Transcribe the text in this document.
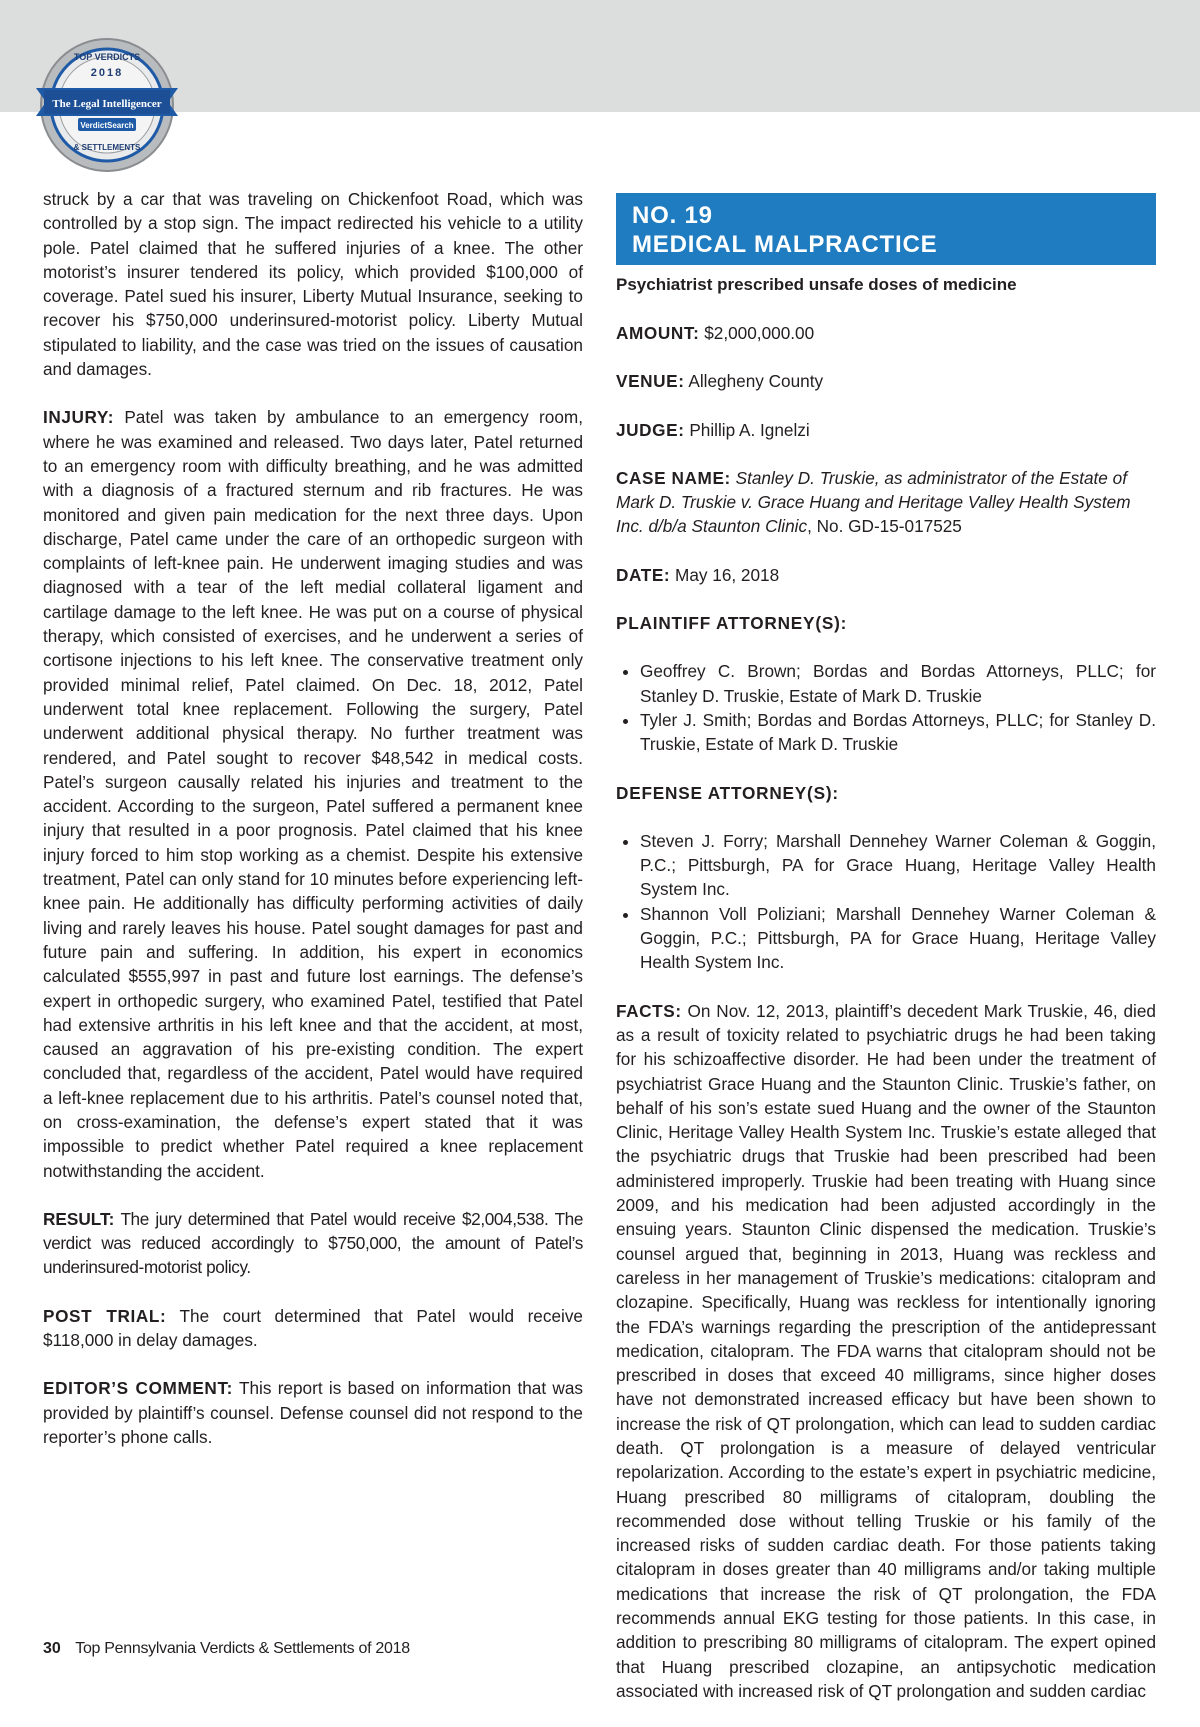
TOP VERDICTS
2018
The Legal Intelligencer
VerdictSearch
& SETTLEMENTS

struck by a car that was traveling on Chickenfoot Road, which was controlled by a stop sign. The impact redirected his vehicle to a utility pole. Patel claimed that he suffered injuries of a knee. The other motorist’s insurer tendered its policy, which provided $100,000 of coverage. Patel sued his insurer, Liberty Mutual Insurance, seeking to recover his $750,000 underinsured-motorist policy. Liberty Mutual stipulated to liability, and the case was tried on the issues of causation and damages.

INJURY: Patel was taken by ambulance to an emergency room, where he was examined and released. Two days later, Patel returned to an emergency room with difficulty breathing, and he was admitted with a diagnosis of a fractured sternum and rib fractures. He was monitored and given pain medication for the next three days. Upon discharge, Patel came under the care of an orthopedic surgeon with complaints of left-knee pain. He underwent imaging studies and was diagnosed with a tear of the left medial collateral ligament and cartilage damage to the left knee. He was put on a course of physical therapy, which consisted of exercises, and he underwent a series of cortisone injections to his left knee. The conservative treatment only provided minimal relief, Patel claimed. On Dec. 18, 2012, Patel underwent total knee replacement. Following the surgery, Patel underwent additional physical therapy. No further treatment was rendered, and Patel sought to recover $48,542 in medical costs. Patel’s surgeon causally related his injuries and treatment to the accident. According to the surgeon, Patel suffered a permanent knee injury that resulted in a poor prognosis. Patel claimed that his knee injury forced to him stop working as a chemist. Despite his extensive treatment, Patel can only stand for 10 minutes before experiencing left-knee pain. He additionally has difficulty performing activities of daily living and rarely leaves his house. Patel sought damages for past and future pain and suffering. In addition, his expert in economics calculated $555,997 in past and future lost earnings. The defense’s expert in orthopedic surgery, who examined Patel, testified that Patel had extensive arthritis in his left knee and that the accident, at most, caused an aggravation of his pre-existing condition. The expert concluded that, regardless of the accident, Patel would have required a left-knee replacement due to his arthritis. Patel’s counsel noted that, on cross-examination, the defense’s expert stated that it was impossible to predict whether Patel required a knee replacement notwithstanding the accident.

RESULT: The jury determined that Patel would receive $2,004,538. The verdict was reduced accordingly to $750,000, the amount of Patel’s underinsured-motorist policy.

POST TRIAL: The court determined that Patel would receive $118,000 in delay damages.

EDITOR’S COMMENT: This report is based on information that was provided by plaintiff’s counsel. Defense counsel did not respond to the reporter’s phone calls.

NO. 19
MEDICAL MALPRACTICE

Psychiatrist prescribed unsafe doses of medicine

AMOUNT: $2,000,000.00

VENUE: Allegheny County

JUDGE: Phillip A. Ignelzi

CASE NAME: Stanley D. Truskie, as administrator of the Estate of Mark D. Truskie v. Grace Huang and Heritage Valley Health System Inc. d/b/a Staunton Clinic, No. GD-15-017525

DATE: May 16, 2018

PLAINTIFF ATTORNEY(S):

• Geoffrey C. Brown; Bordas and Bordas Attorneys, PLLC; for Stanley D. Truskie, Estate of Mark D. Truskie
• Tyler J. Smith; Bordas and Bordas Attorneys, PLLC; for Stanley D. Truskie, Estate of Mark D. Truskie

DEFENSE ATTORNEY(S):

• Steven J. Forry; Marshall Dennehey Warner Coleman & Goggin, P.C.; Pittsburgh, PA for Grace Huang, Heritage Valley Health System Inc.
• Shannon Voll Poliziani; Marshall Dennehey Warner Coleman & Goggin, P.C.; Pittsburgh, PA for Grace Huang, Heritage Valley Health System Inc.

FACTS: On Nov. 12, 2013, plaintiff’s decedent Mark Truskie, 46, died as a result of toxicity related to psychiatric drugs he had been taking for his schizoaffective disorder. He had been under the treatment of psychiatrist Grace Huang and the Staunton Clinic. Truskie’s father, on behalf of his son’s estate sued Huang and the owner of the Staunton Clinic, Heritage Valley Health System Inc. Truskie’s estate alleged that the psychiatric drugs that Truskie had been prescribed had been administered improperly. Truskie had been treating with Huang since 2009, and his medication had been adjusted accordingly in the ensuing years. Staunton Clinic dispensed the medication. Truskie’s counsel argued that, beginning in 2013, Huang was reckless and careless in her management of Truskie’s medications: citalopram and clozapine. Specifically, Huang was reckless for intentionally ignoring the FDA’s warnings regarding the prescription of the antidepressant medication, citalopram. The FDA warns that citalopram should not be prescribed in doses that exceed 40 milligrams, since higher doses have not demonstrated increased efficacy but have been shown to increase the risk of QT prolongation, which can lead to sudden cardiac death. QT prolongation is a measure of delayed ventricular repolarization. According to the estate’s expert in psychiatric medicine, Huang prescribed 80 milligrams of citalopram, doubling the recommended dose without telling Truskie or his family of the increased risks of sudden cardiac death. For those patients taking citalopram in doses greater than 40 milligrams and/or taking multiple medications that increase the risk of QT prolongation, the FDA recommends annual EKG testing for those patients. In this case, in addition to prescribing 80 milligrams of citalopram. The expert opined that Huang prescribed clozapine, an antipsychotic medication associated with increased risk of QT prolongation and sudden cardiac

30 Top Pennsylvania Verdicts & Settlements of 2018
